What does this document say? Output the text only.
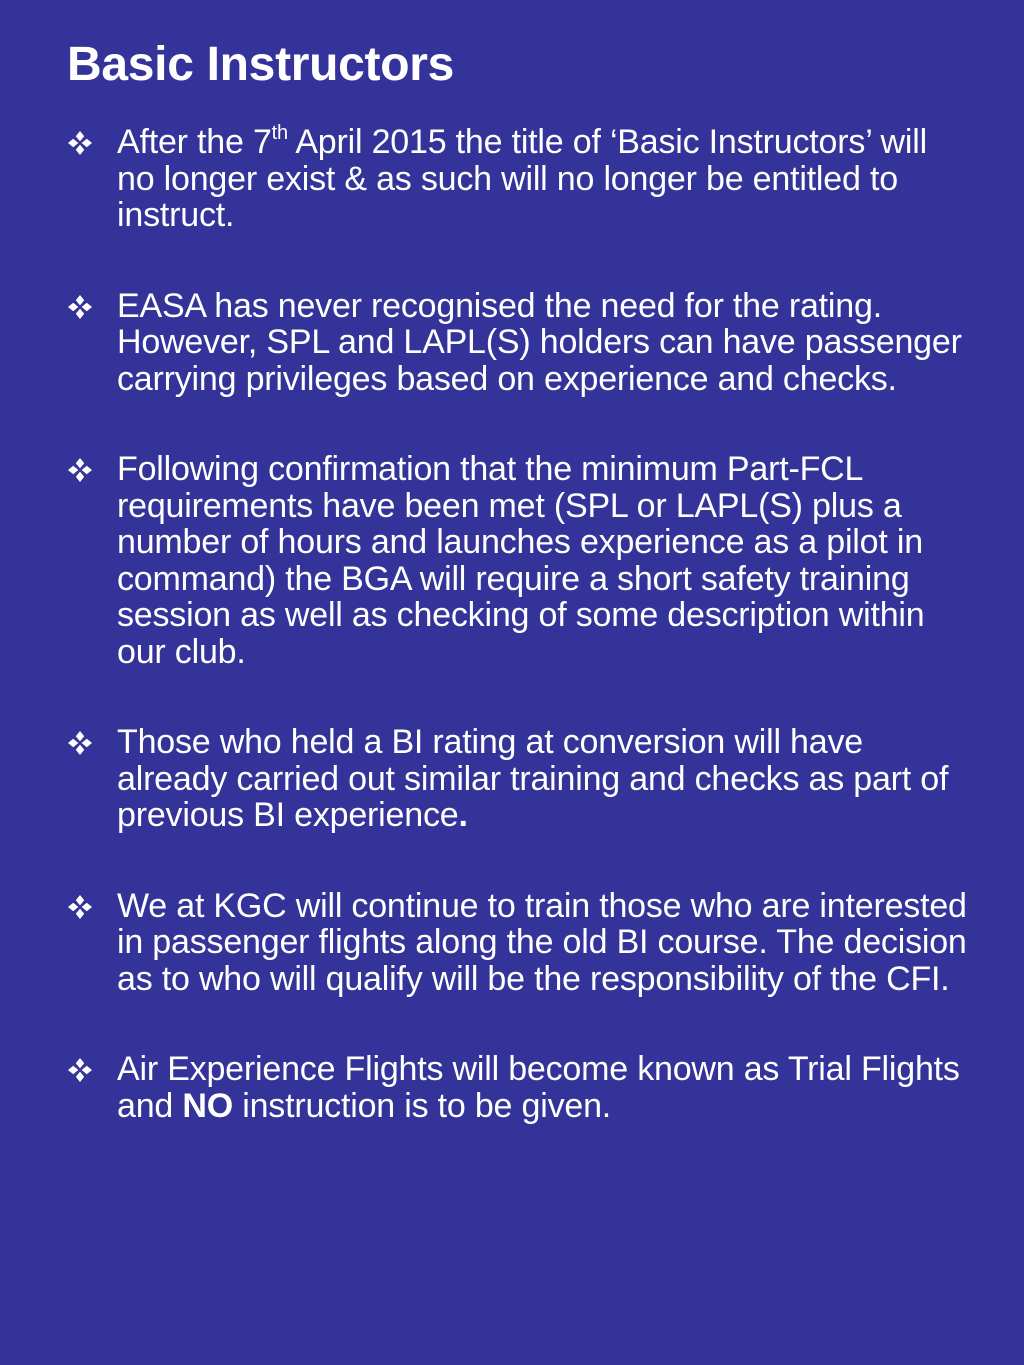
Basic Instructors
After the 7th April 2015 the title of ‘Basic Instructors’ will no longer exist & as such will no longer be entitled to instruct.
EASA has never recognised the need for the rating. However, SPL and LAPL(S) holders can have passenger carrying privileges based on experience and checks.
Following confirmation that the minimum Part-FCL requirements have been met (SPL or LAPL(S) plus a number of hours and launches experience as a pilot in command) the BGA will require a short safety training session as well as checking of some description within our club.
Those who held a BI rating at conversion will have already carried out similar training and checks as part of previous BI experience.
We at KGC will continue to train those who are interested in passenger flights along the old BI course. The decision as to who will qualify will be the responsibility of the CFI.
Air Experience Flights will become known as Trial Flights and NO instruction is to be given.
